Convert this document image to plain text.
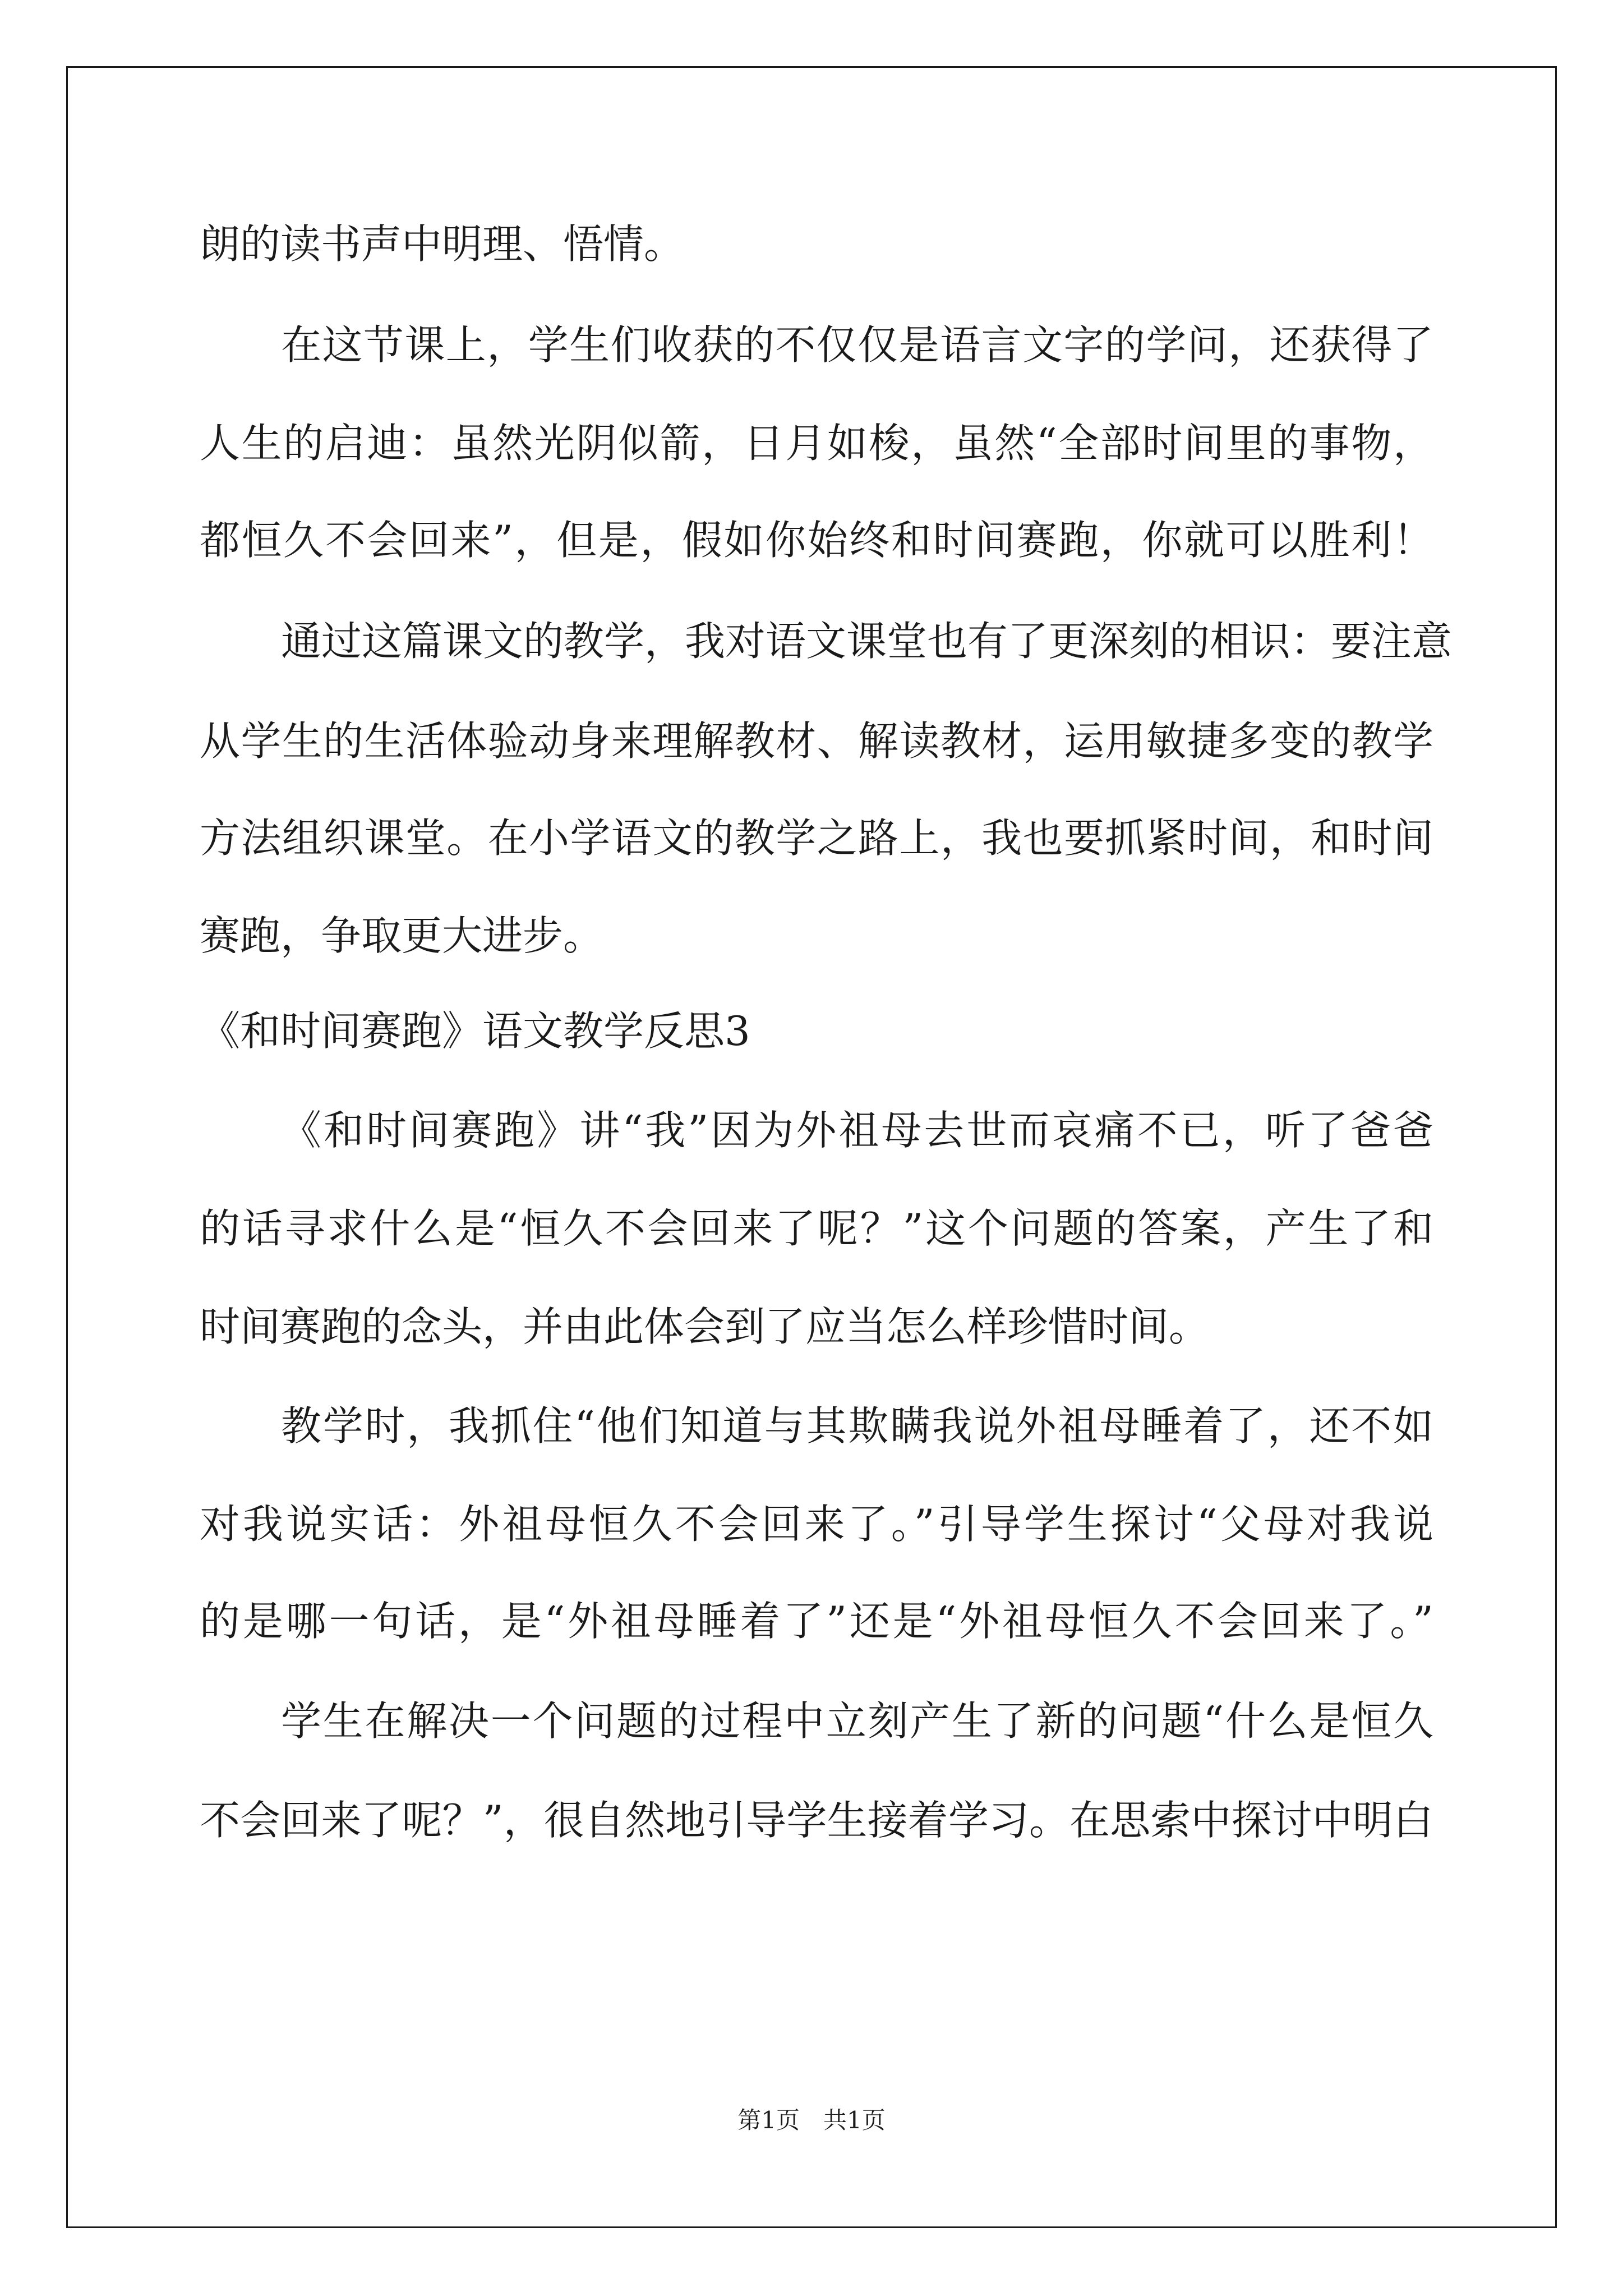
朗的读书声中明理、悟情。
在这节课上，学生们收获的不仅仅是语言文字的学问，还获得了
人生的启迪：虽然光阴似箭，日月如梭，虽然“全部时间里的事物，
都恒久不会回来”，但是，假如你始终和时间赛跑，你就可以胜利！
通过这篇课文的教学，我对语文课堂也有了更深刻的相识：要注意
从学生的生活体验动身来理解教材、解读教材，运用敏捷多变的教学
方法组织课堂。在小学语文的教学之路上，我也要抓紧时间，和时间
赛跑，争取更大进步。
《和时间赛跑》语文教学反思3
《和时间赛跑》讲“我”因为外祖母去世而哀痛不已，听了爸爸
的话寻求什么是“恒久不会回来了呢？”这个问题的答案，产生了和
时间赛跑的念头，并由此体会到了应当怎么样珍惜时间。
教学时，我抓住“他们知道与其欺瞒我说外祖母睡着了，还不如
对我说实话：外祖母恒久不会回来了。”引导学生探讨“父母对我说
的是哪一句话，是“外祖母睡着了”还是“外祖母恒久不会回来了。”
学生在解决一个问题的过程中立刻产生了新的问题“什么是恒久
不会回来了呢？”，很自然地引导学生接着学习。在思索中探讨中明白
第1页　共1页
